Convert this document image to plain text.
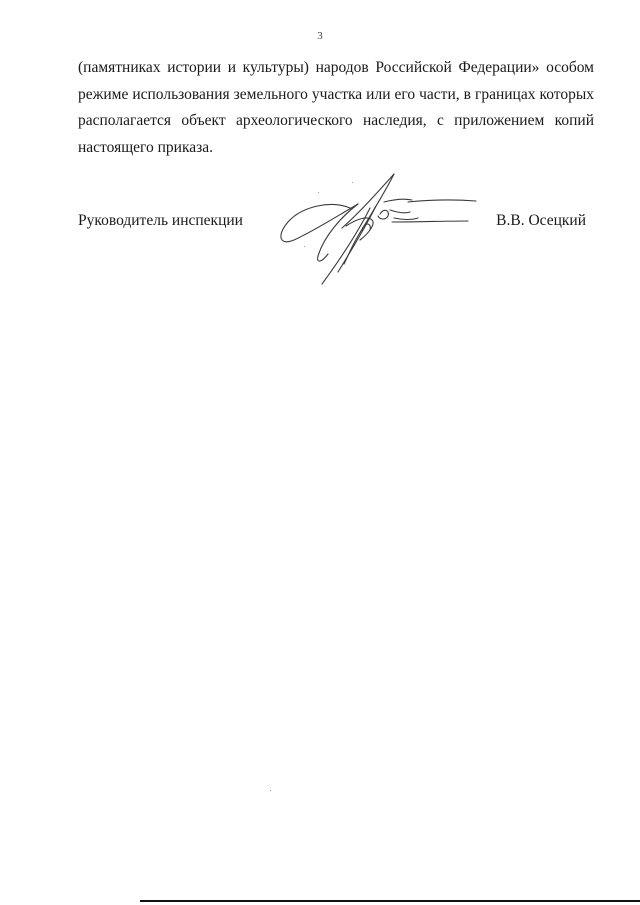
3

(памятниках истории и культуры) народов Российской Федерации» особом
режиме использования земельного участка или его части, в границах которых
располагается объект археологического наследия, с приложением копий
настоящего приказа.

Руководитель инспекции	В.В. Осецкий
